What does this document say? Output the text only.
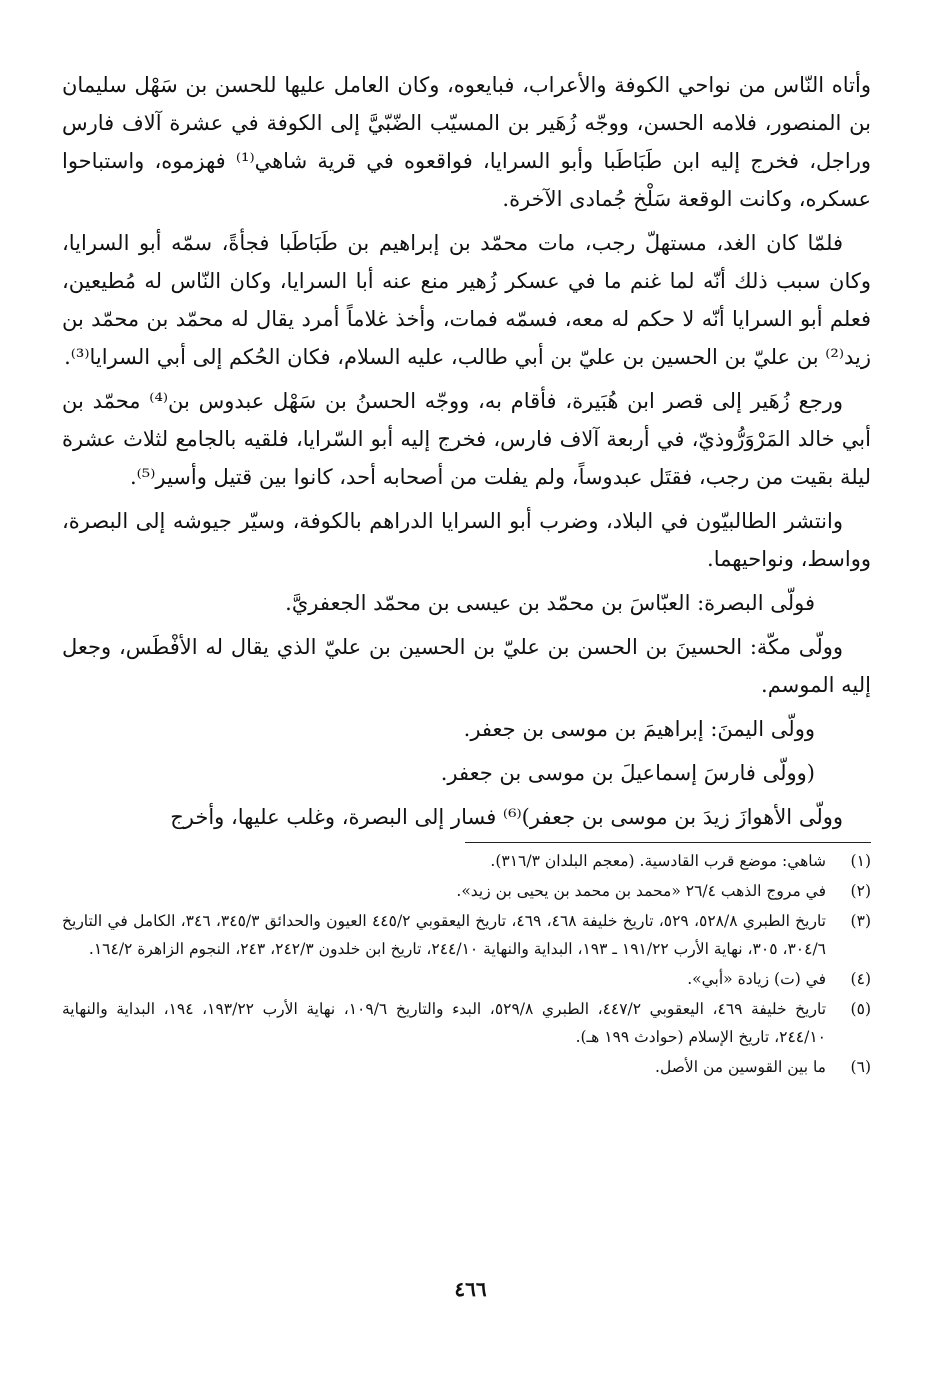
وأتاه النّاس من نواحي الكوفة والأعراب، فبايعوه، وكان العامل عليها للحسن بن سَهْل سليمان بن المنصور، فلامه الحسن، ووجّه زُهَير بن المسيّب الضّبّيَّ إلى الكوفة في عشرة آلاف فارس وراجل، فخرج إليه ابن طَبَاطَبا وأبو السرايا، فواقعوه في قرية شاهي⁽¹⁾ فهزموه، واستباحوا عسكره، وكانت الوقعة سَلْخ جُمادى الآخرة.

فلمّا كان الغد، مستهلّ رجب، مات محمّد بن إبراهيم بن طَبَاطَبا فجأةً، سمّه أبو السرايا، وكان سبب ذلك أنّه لما غنم ما في عسكر زُهير منع عنه أبا السرايا، وكان النّاس له مُطيعين، فعلم أبو السرايا أنّه لا حكم له معه، فسمّه فمات، وأخذ غلاماً أمرد يقال له محمّد بن محمّد بن زيد⁽²⁾ بن عليّ بن الحسين بن عليّ بن أبي طالب، عليه السلام، فكان الحُكم إلى أبي السرايا⁽³⁾.

ورجع زُهَير إلى قصر ابن هُبَيرة، فأقام به، ووجّه الحسنُ بن سَهْل عبدوس بن⁽⁴⁾ محمّد بن أبي خالد المَرْوَرُّوذيّ، في أربعة آلاف فارس، فخرج إليه أبو السّرايا، فلقيه بالجامع لثلاث عشرة ليلة بقيت من رجب، فقتَل عبدوساً، ولم يفلت من أصحابه أحد، كانوا بين قتيل وأسير⁽⁵⁾.

وانتشر الطالبيّون في البلاد، وضرب أبو السرايا الدراهم بالكوفة، وسيّر جيوشه إلى البصرة، وواسط، ونواحيهما.

فولّى البصرة: العبّاسَ بن محمّد بن عيسى بن محمّد الجعفريَّ.

وولّى مكّة: الحسينَ بن الحسن بن عليّ بن الحسين بن عليّ الذي يقال له الأفْطَس، وجعل إليه الموسم.

وولّى اليمنَ: إبراهيمَ بن موسى بن جعفر.

(وولّى فارسَ إسماعيلَ بن موسى بن جعفر.

وولّى الأهوازَ زيدَ بن موسى بن جعفر)⁽⁶⁾ فسار إلى البصرة، وغلب عليها، وأخرج

(١)
شاهي: موضع قرب القادسية. (معجم البلدان ٣١٦/٣).
(٢)
في مروج الذهب ٢٦/٤ «محمد بن محمد بن يحيى بن زيد».
(٣)
تاريخ الطبري ٥٢٨/٨، ٥٢٩، تاريخ خليفة ٤٦٨، ٤٦٩، تاريخ اليعقوبي ٤٤٥/٢ العيون والحدائق ٣٤٥/٣، ٣٤٦، الكامل في التاريخ ٣٠٤/٦، ٣٠٥، نهاية الأرب ١٩١/٢٢ ـ ١٩٣، البداية والنهاية ٢٤٤/١٠، تاريخ ابن خلدون ٢٤٢/٣، ٢٤٣، النجوم الزاهرة ١٦٤/٢.
(٤)
في (ت) زيادة «أبي».
(٥)
تاريخ خليفة ٤٦٩، اليعقوبي ٤٤٧/٢، الطبري ٥٢٩/٨، البدء والتاريخ ١٠٩/٦، نهاية الأرب ١٩٣/٢٢، ١٩٤، البداية والنهاية ٢٤٤/١٠، تاريخ الإسلام (حوادث ١٩٩ هـ).
(٦)
ما بين القوسين من الأصل.
٤٦٦
